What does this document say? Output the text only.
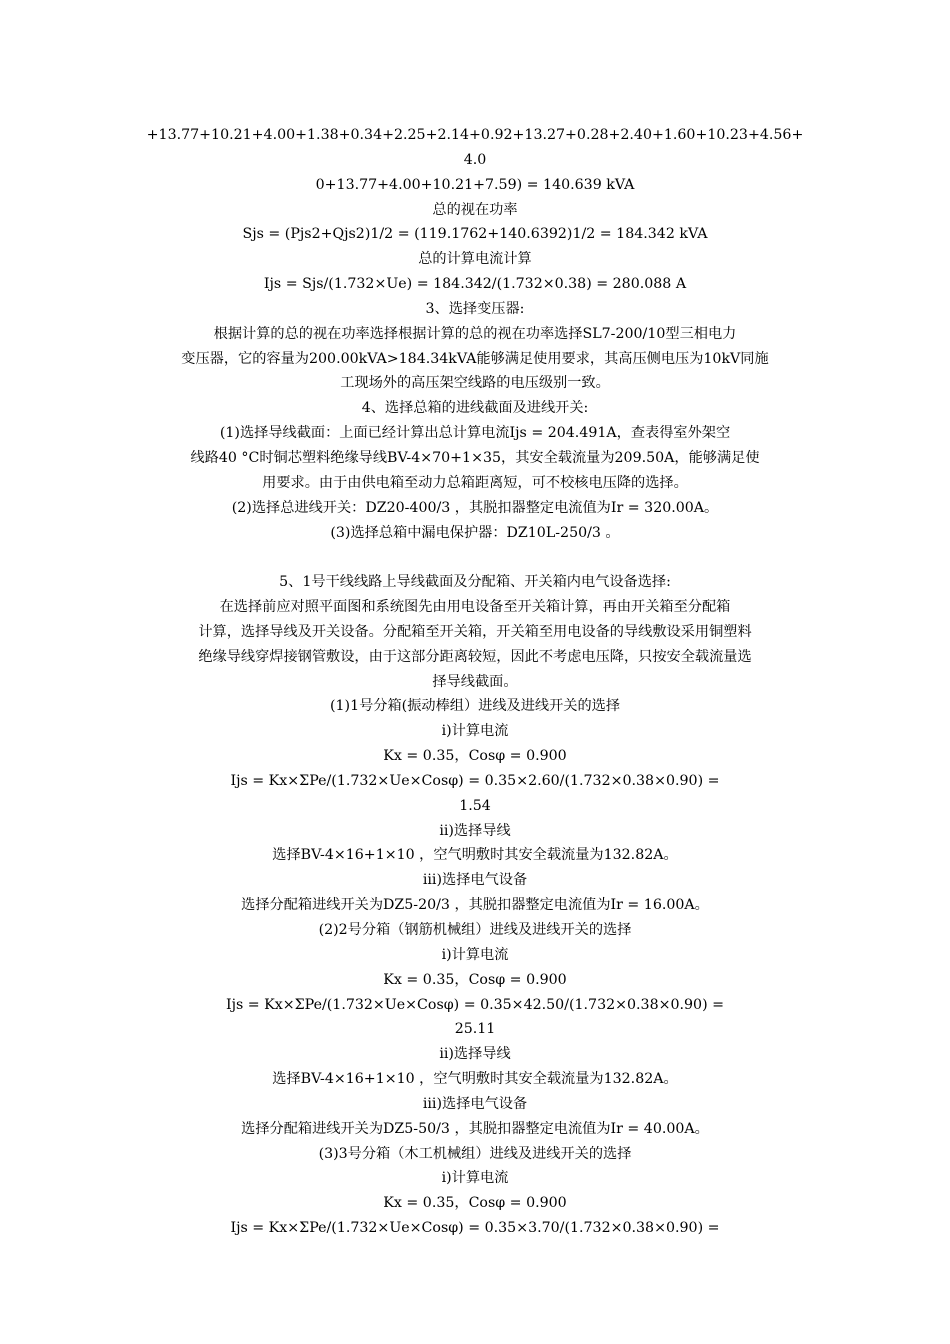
+13.77+10.21+4.00+1.38+0.34+2.25+2.14+0.92+13.27+0.28+2.40+1.60+10.23+4.56+4.0
0+13.77+4.00+10.21+7.59) = 140.639 kVA
总的视在功率
Sjs = (Pjs2+Qjs2)1/2 = (119.1762+140.6392)1/2 = 184.342 kVA
总的计算电流计算
Ijs = Sjs/(1.732×Ue) = 184.342/(1.732×0.38) = 280.088 A
3、选择变压器:
根据计算的总的视在功率选择根据计算的总的视在功率选择SL7-200/10型三相电力
变压器，它的容量为200.00kVA>184.34kVA能够满足使用要求，其高压侧电压为10kV同施
工现场外的高压架空线路的电压级别一致。
4、选择总箱的进线截面及进线开关:
(1)选择导线截面：上面已经计算出总计算电流Ijs = 204.491A，查表得室外架空
线路40 °C时铜芯塑料绝缘导线BV-4×70+1×35，其安全载流量为209.50A，能够满足使
用要求。由于由供电箱至动力总箱距离短，可不校核电压降的选择。
(2)选择总进线开关：DZ20-400/3 ，其脱扣器整定电流值为Ir = 320.00A。
(3)选择总箱中漏电保护器：DZ10L-250/3 。
5、1号干线线路上导线截面及分配箱、开关箱内电气设备选择:
在选择前应对照平面图和系统图先由用电设备至开关箱计算，再由开关箱至分配箱
计算，选择导线及开关设备。分配箱至开关箱，开关箱至用电设备的导线敷设采用铜塑料
绝缘导线穿焊接钢管敷设，由于这部分距离较短，因此不考虑电压降，只按安全载流量选
择导线截面。
(1)1号分箱(振动棒组）进线及进线开关的选择
i)计算电流
Kx = 0.35，Cosφ = 0.900
Ijs = Kx×ΣPe/(1.732×Ue×Cosφ) = 0.35×2.60/(1.732×0.38×0.90) =
1.54
ii)选择导线
选择BV-4×16+1×10 ，空气明敷时其安全载流量为132.82A。
iii)选择电气设备
选择分配箱进线开关为DZ5-20/3 ，其脱扣器整定电流值为Ir = 16.00A。
(2)2号分箱（钢筋机械组）进线及进线开关的选择
i)计算电流
Kx = 0.35，Cosφ = 0.900
Ijs = Kx×ΣPe/(1.732×Ue×Cosφ) = 0.35×42.50/(1.732×0.38×0.90) =
25.11
ii)选择导线
选择BV-4×16+1×10 ，空气明敷时其安全载流量为132.82A。
iii)选择电气设备
选择分配箱进线开关为DZ5-50/3 ，其脱扣器整定电流值为Ir = 40.00A。
(3)3号分箱（木工机械组）进线及进线开关的选择
i)计算电流
Kx = 0.35，Cosφ = 0.900
Ijs = Kx×ΣPe/(1.732×Ue×Cosφ) = 0.35×3.70/(1.732×0.38×0.90) =
